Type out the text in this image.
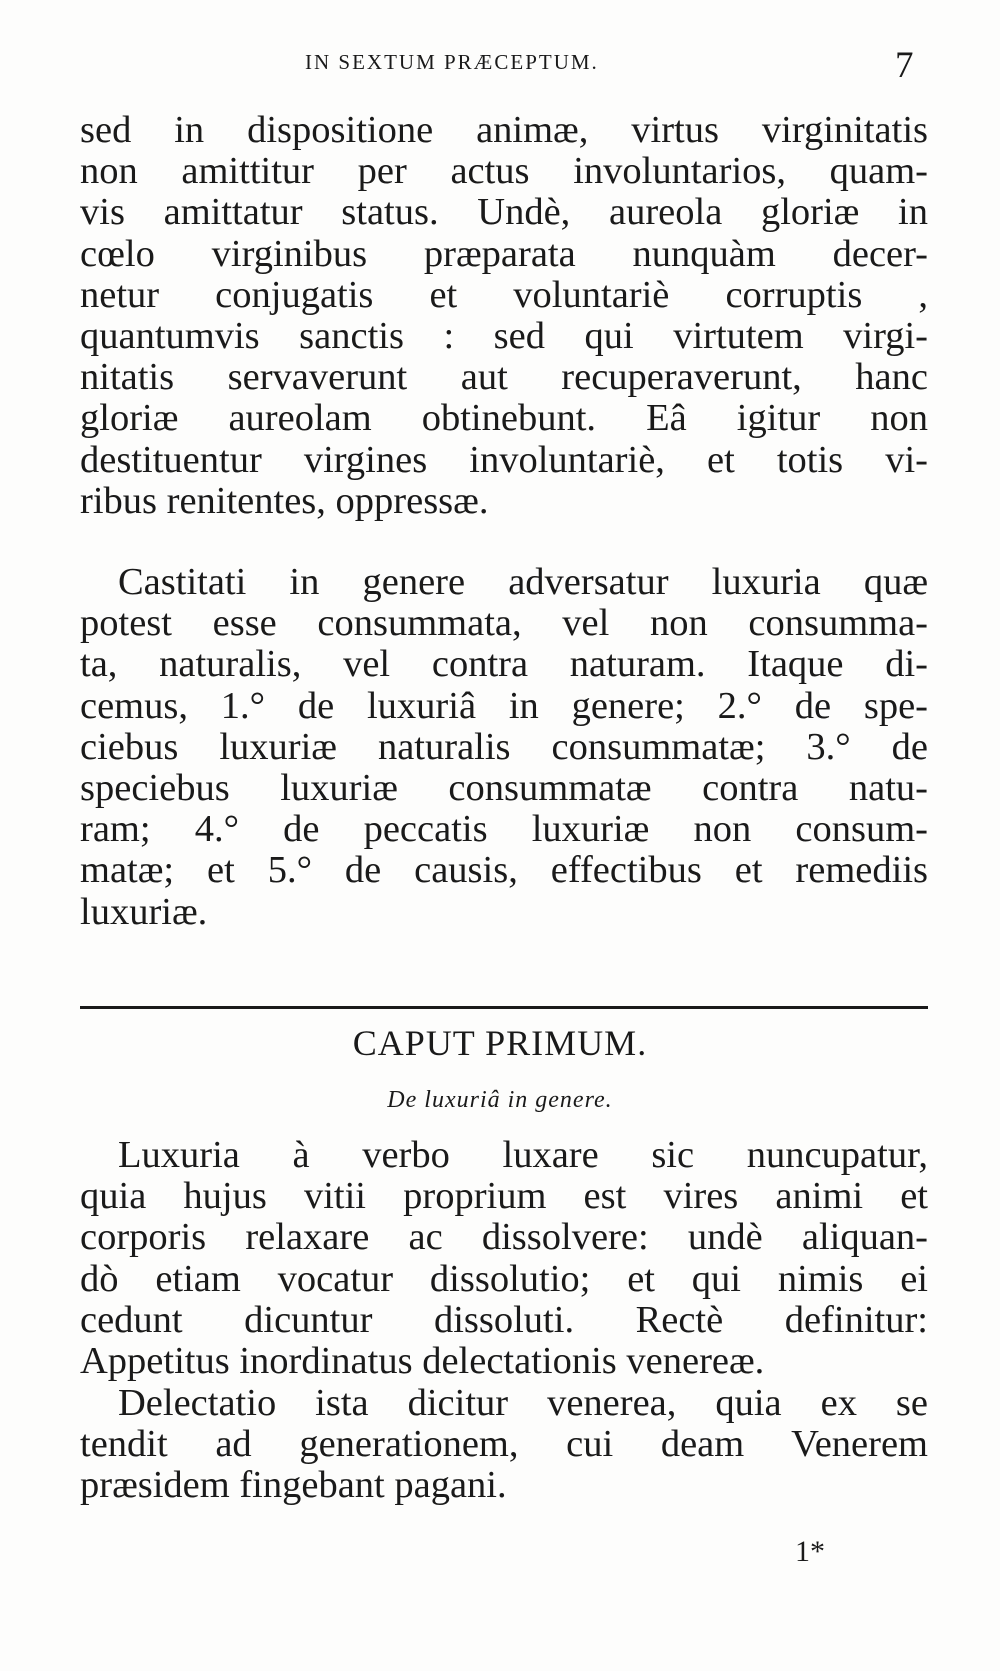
IN SEXTUM PRÆCEPTUM.	7

sed in dispositione animæ, virtus virginitatis
non amittitur per actus involuntarios, quam-
vis amittatur status. Undè, aureola gloriæ in
cœlo virginibus præparata nunquàm decer-
netur conjugatis et voluntariè corruptis ,
quantumvis sanctis : sed qui virtutem virgi-
nitatis servaverunt aut recuperaverunt, hanc
gloriæ aureolam obtinebunt. Eâ igitur non
destituentur virgines involuntariè, et totis vi-
ribus renitentes, oppressæ.

Castitati in genere adversatur luxuria quæ
potest esse consummata, vel non consumma-
ta, naturalis, vel contra naturam. Itaque di-
cemus, 1.° de luxuriâ in genere; 2.° de spe-
ciebus luxuriæ naturalis consummatæ; 3.° de
speciebus luxuriæ consummatæ contra natu-
ram; 4.° de peccatis luxuriæ non consum-
matæ; et 5.° de causis, effectibus et remediis
luxuriæ.

CAPUT PRIMUM.
De luxuriâ in genere.

Luxuria à verbo luxare sic nuncupatur,
quia hujus vitii proprium est vires animi et
corporis relaxare ac dissolvere: undè aliquan-
dò etiam vocatur dissolutio; et qui nimis ei
cedunt dicuntur dissoluti. Rectè definitur:
Appetitus inordinatus delectationis venereæ.

Delectatio ista dicitur venerea, quia ex se
tendit ad generationem, cui deam Venerem
præsidem fingebant pagani.

1*
